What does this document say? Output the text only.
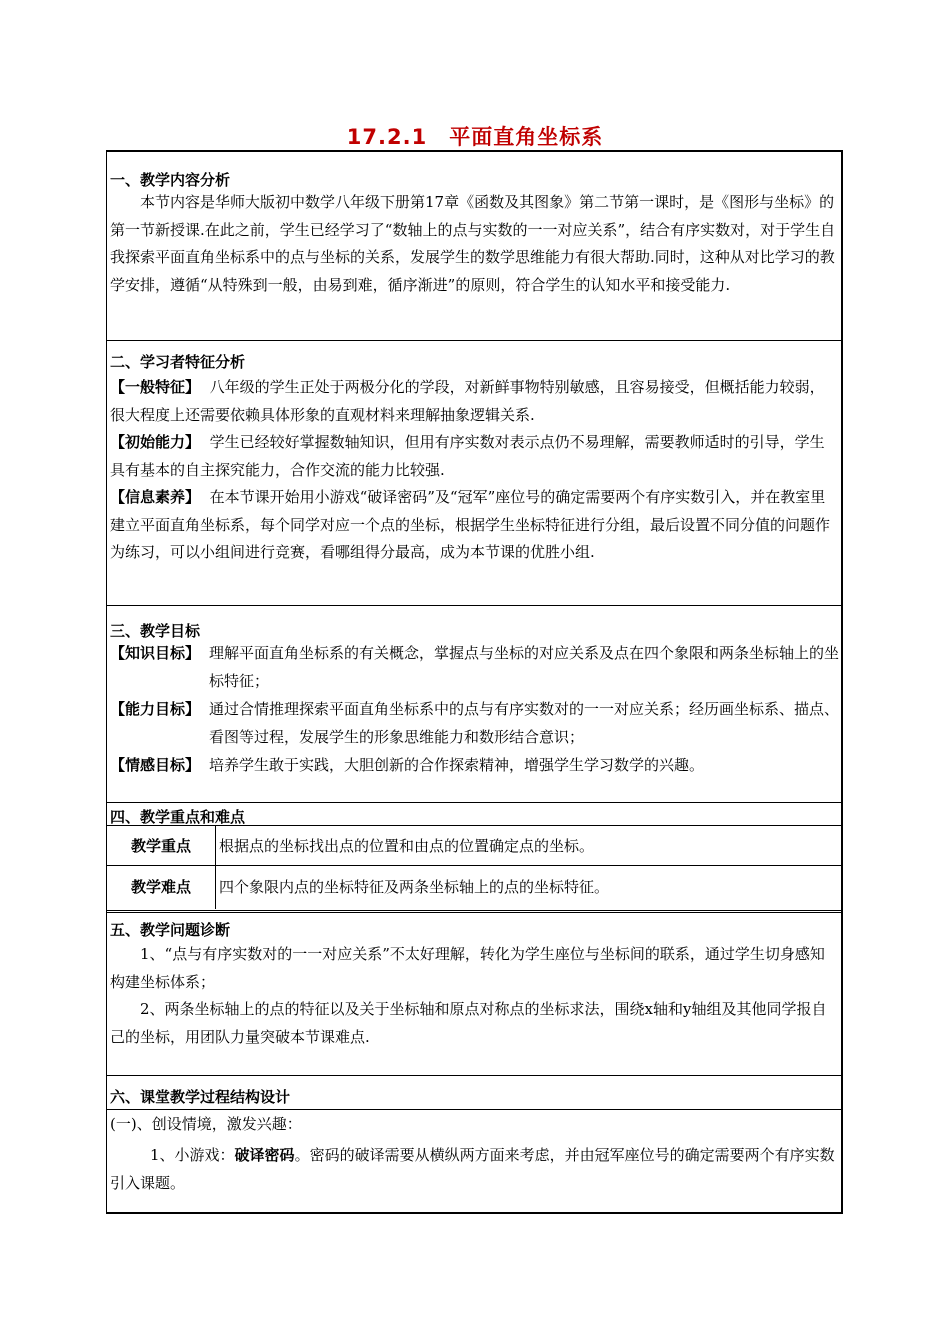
17.2.1　平面直角坐标系
一、教学内容分析

本节内容是华师大版初中数学八年级下册第17章《函数及其图象》第二节第一课时，是《图形与坐标》的第一节新授课.在此之前，学生已经学习了“数轴上的点与实数的一一对应关系”，结合有序实数对，对于学生自我探索平面直角坐标系中的点与坐标的关系，发展学生的数学思维能力有很大帮助.同时，这种从对比学习的教学安排，遵循“从特殊到一般，由易到难，循序渐进”的原则，符合学生的认知水平和接受能力.

二、学习者特征分析

【一般特征】 八年级的学生正处于两极分化的学段，对新鲜事物特别敏感，且容易接受，但概括能力较弱，很大程度上还需要依赖具体形象的直观材料来理解抽象逻辑关系.

【初始能力】 学生已经较好掌握数轴知识，但用有序实数对表示点仍不易理解，需要教师适时的引导，学生具有基本的自主探究能力，合作交流的能力比较强.

【信息素养】 在本节课开始用小游戏“破译密码”及“冠军”座位号的确定需要两个有序实数引入，并在教室里建立平面直角坐标系，每个同学对应一个点的坐标，根据学生坐标特征进行分组，最后设置不同分值的问题作为练习，可以小组间进行竞赛，看哪组得分最高，成为本节课的优胜小组.

三、教学目标
【知识目标】 理解平面直角坐标系的有关概念，掌握点与坐标的对应关系及点在四个象限和两条坐标轴上的坐标特征；
【能力目标】 通过合情推理探索平面直角坐标系中的点与有序实数对的一一对应关系；经历画坐标系、描点、看图等过程，发展学生的形象思维能力和数形结合意识；
【情感目标】 培养学生敢于实践，大胆创新的合作探索精神，增强学生学习数学的兴趣。
四、教学重点和难点
教学重点	根据点的坐标找出点的位置和由点的位置确定点的坐标。
教学难点	四个象限内点的坐标特征及两条坐标轴上的点的坐标特征。
五、教学问题诊断

1、“点与有序实数对的一一对应关系”不太好理解，转化为学生座位与坐标间的联系，通过学生切身感知构建坐标体系；

2、两条坐标轴上的点的特征以及关于坐标轴和原点对称点的坐标求法，围绕x轴和y轴组及其他同学报自己的坐标，用团队力量突破本节课难点.

六、课堂教学过程结构设计

(一)、创设情境，激发兴趣：

1、小游戏：破译密码。密码的破译需要从横纵两方面来考虑，并由冠军座位号的确定需要两个有序实数引入课题。
